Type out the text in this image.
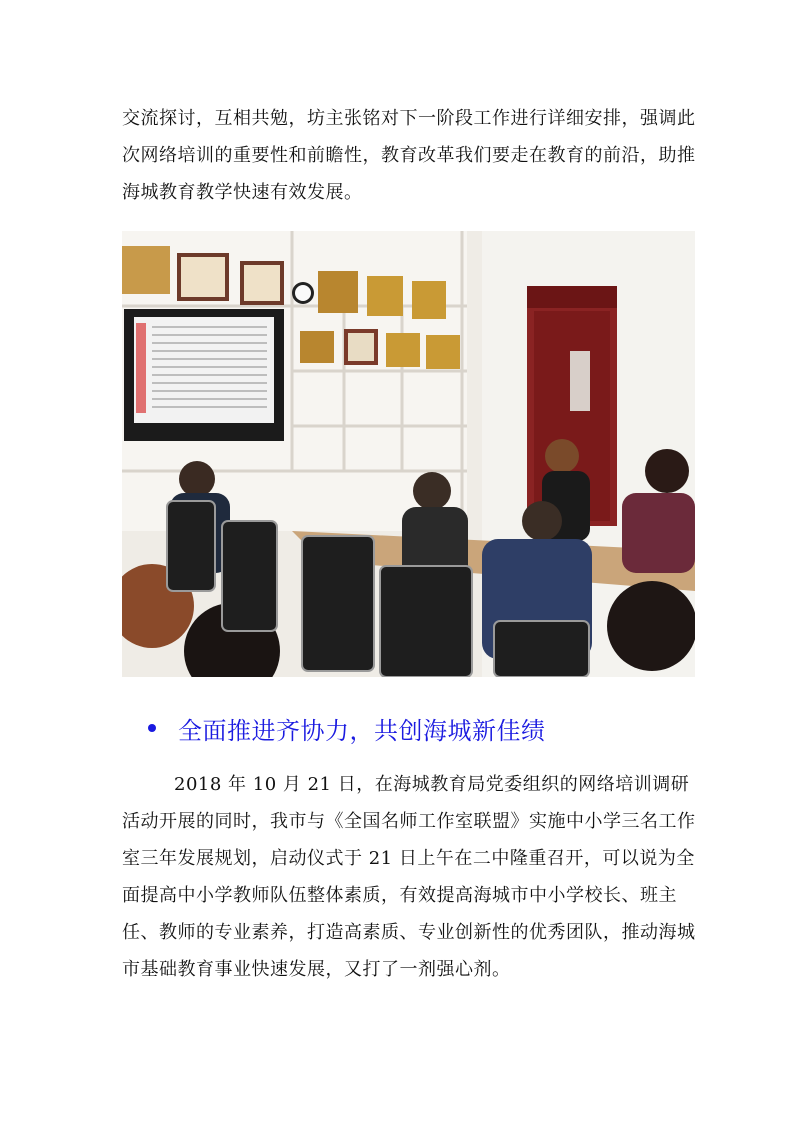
交流探讨，互相共勉，坊主张铭对下一阶段工作进行详细安排，强调此次网络培训的重要性和前瞻性，教育改革我们要走在教育的前沿，助推海城教育教学快速有效发展。

全面推进齐协力，共创海城新佳绩

2018 年 10 月 21 日，在海城教育局党委组织的网络培训调研活动开展的同时，我市与《全国名师工作室联盟》实施中小学三名工作室三年发展规划，启动仪式于 21 日上午在二中隆重召开，可以说为全面提高中小学教师队伍整体素质，有效提高海城市中小学校长、班主任、教师的专业素养，打造高素质、专业创新性的优秀团队，推动海城市基础教育事业快速发展，又打了一剂强心剂。
